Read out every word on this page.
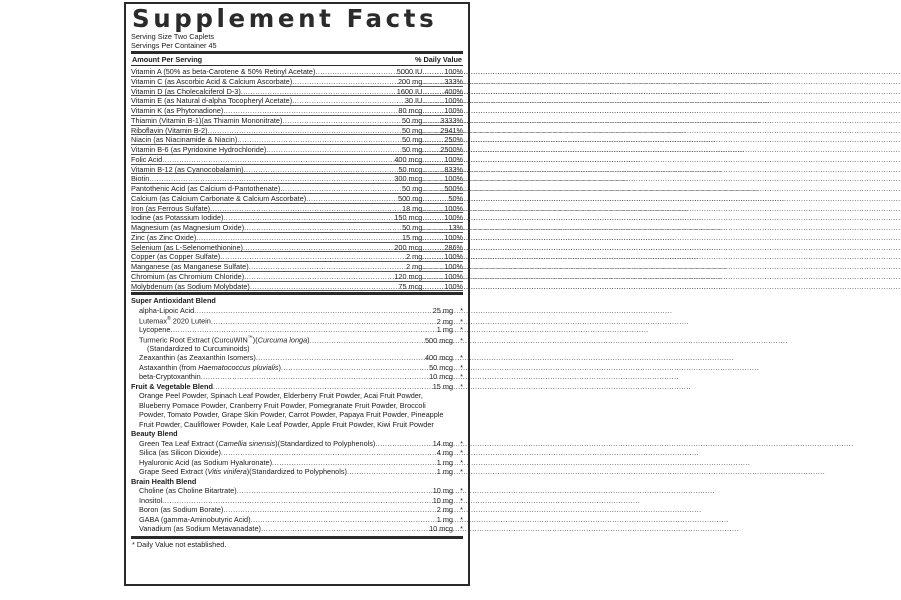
Supplement Facts
Serving Size Two Caplets
Servings Per Container 45
Amount Per Serving	% Daily Value
Vitamin A (50% as beta-Carotene & 50% Retinyl Acetate) .....	5000 IU .....	100%
Vitamin C (as Ascorbic Acid & Calcium Ascorbate) .....	200 mg .....	333%
Vitamin D (as Cholecalciferol D-3) .....	1600 IU .....	400%
Vitamin E (as Natural d-alpha Tocopheryl Acetate) .....	30 IU .....	100%
Vitamin K (as Phytonadione) .....	80 mcg .....	100%
Thiamin (Vitamin B-1)(as Thiamin Mononitrate) .....	50 mg ..... 3333%
Riboflavin (Vitamin B-2) .....	50 mg ..... 2941%
Niacin (as Niacinamide & Niacin) .....	50 mg .....	250%
Vitamin B-6 (as Pyridoxine Hydrochloride) .....	50 mg ..... 2500%
Folic Acid .....	400 mcg .....	100%
Vitamin B-12 (as Cyanocobalamin) .....	50 mcg .....	833%
Biotin .....	300 mcg .....	100%
Pantothenic Acid (as Calcium d-Pantothenate) .....	50 mg .....	500%
Calcium (as Calcium Carbonate & Calcium Ascorbate) .....	500 mg .....	50%
Iron (as Ferrous Sulfate) .....	18 mg .....	100%
Iodine (as Potassium Iodide) .....	150 mcg .....	100%
Magnesium (as Magnesium Oxide) .....	50 mg .....	13%
Zinc (as Zinc Oxide) .....	15 mg .....	100%
Selenium (as L-Selenomethionine) .....	200 mcg .....	286%
Copper (as Copper Sulfate) .....	2 mg .....	100%
Manganese (as Manganese Sulfate) .....	2 mg .....	100%
Chromium (as Chromium Chloride) .....	120 mcg .....	100%
Molybdenum (as Sodium Molybdate) .....	75 mcg .....	100%
Super Antioxidant Blend
alpha-Lipoic Acid .....	25 mg *
Lutemax® 2020 Lutein .....	2 mg *
Lycopene .....	1 mg *
Turmeric Root Extract (CurcuWIN™)(Curcuma longa) .....	500 mcg *
(Standardized to Curcuminoids)
Zeaxanthin (as Zeaxanthin Isomers) .....	400 mcg *
Astaxanthin (from Haematococcus pluvialis) .....	50 mcg *
beta-Cryptoxanthin .....	10 mcg *
Fruit & Vegetable Blend .....	15 mg *
Orange Peel Powder, Spinach Leaf Powder, Elderberry Fruit Powder, Acai Fruit Powder, Blueberry Pomace Powder, Cranberry Fruit Powder, Pomegranate Fruit Powder, Broccoli Powder, Tomato Powder, Grape Skin Powder, Carrot Powder, Papaya Fruit Powder, Pineapple Fruit Powder, Cauliflower Powder, Kale Leaf Powder, Apple Fruit Powder, Kiwi Fruit Powder
Beauty Blend
Green Tea Leaf Extract (Camellia sinensis)(Standardized to Polyphenols) .....	14 mg *
Silica (as Silicon Dioxide) .....	4 mg *
Hyaluronic Acid (as Sodium Hyaluronate) .....	1 mg *
Grape Seed Extract (Vitis vinifera)(Standardized to Polyphenols) .....	1 mg *
Brain Health Blend
Choline (as Choline Bitartrate) .....	10 mg *
Inositol .....	10 mg *
Boron (as Sodium Borate) .....	2 mg *
GABA (gamma-Aminobutyric Acid) .....	1 mg *
Vanadium (as Sodium Metavanadate) .....	10 mcg *
* Daily Value not established.
